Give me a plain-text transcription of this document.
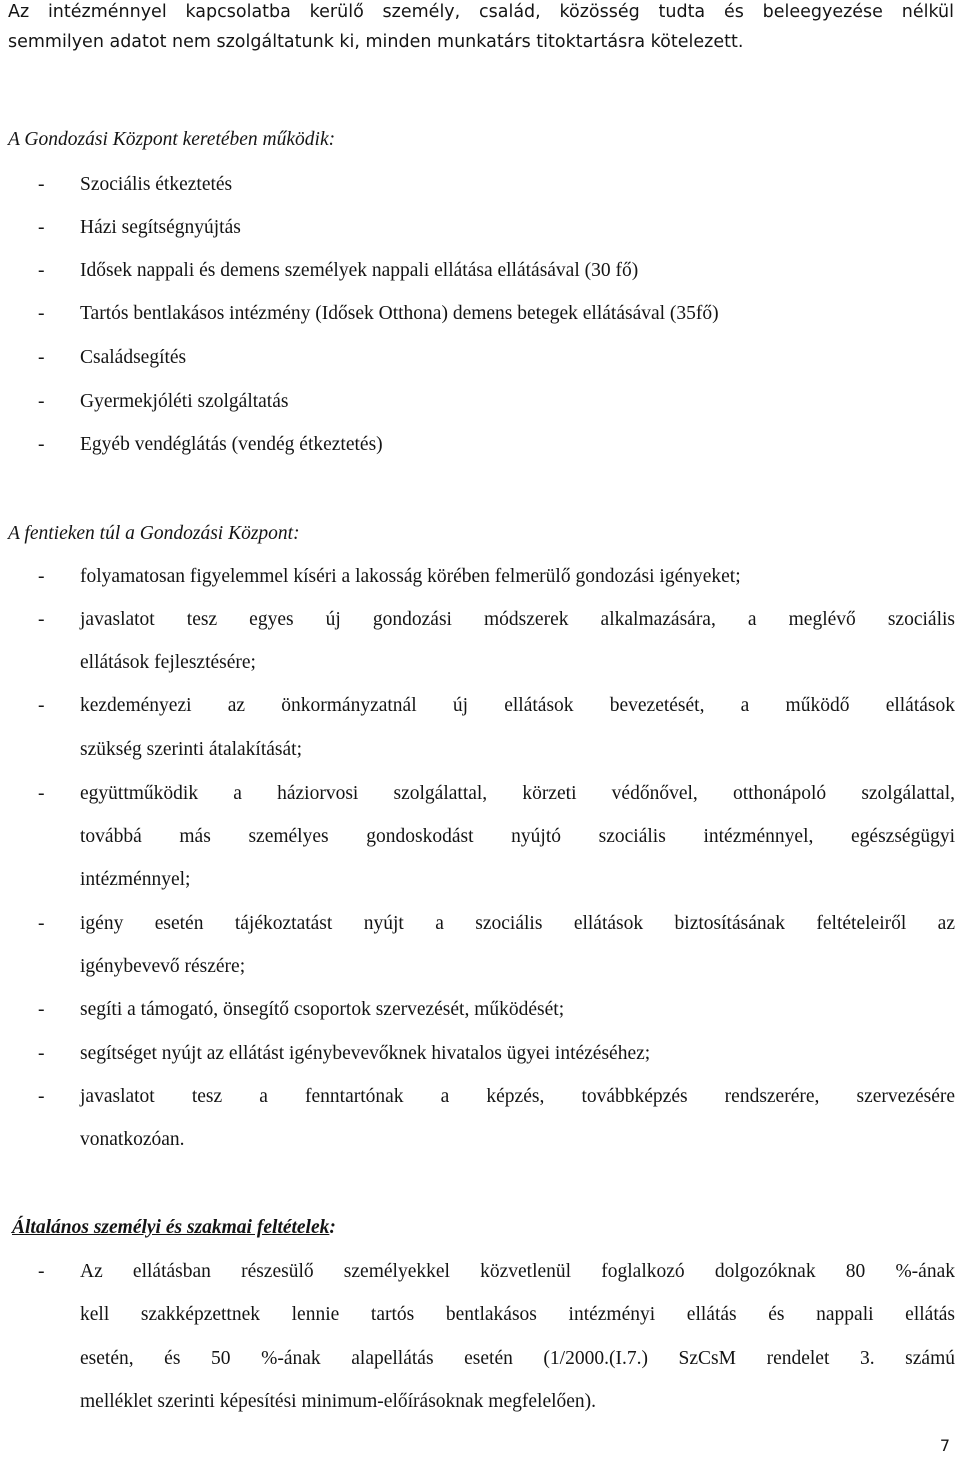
Az intézménnyel kapcsolatba kerülő személy, család, közösség tudta és beleegyezése nélkül
semmilyen adatot nem szolgáltatunk ki, minden munkatárs titoktartásra kötelezett.
A Gondozási Központ keretében működik:
- Szociális étkeztetés
- Házi segítségnyújtás
- Idősek nappali és demens személyek nappali ellátása ellátásával (30 fő)
- Tartós bentlakásos intézmény (Idősek Otthona) demens betegek ellátásával (35fő)
- Családsegítés
- Gyermekjóléti szolgáltatás
- Egyéb vendéglátás (vendég étkeztetés)
A fentieken túl a Gondozási Központ:
- folyamatosan figyelemmel kíséri a lakosság körében felmerülő gondozási igényeket;
- javaslatot tesz egyes új gondozási módszerek alkalmazására, a meglévő szociális
ellátások fejlesztésére;
- kezdeményezi az önkormányzatnál új ellátások bevezetését, a működő ellátások
szükség szerinti átalakítását;
- együttműködik a háziorvosi szolgálattal, körzeti védőnővel, otthonápoló szolgálattal,
továbbá más személyes gondoskodást nyújtó szociális intézménnyel, egészségügyi
intézménnyel;
- igény esetén tájékoztatást nyújt a szociális ellátások biztosításának feltételeiről az
igénybevevő részére;
- segíti a támogató, önsegítő csoportok szervezését, működését;
- segítséget nyújt az ellátást igénybevevőknek hivatalos ügyei intézéséhez;
- javaslatot tesz a fenntartónak a képzés, továbbképzés rendszerére, szervezésére
vonatkozóan.
Általános személyi és szakmai feltételek:
- Az ellátásban részesülő személyekkel közvetlenül foglalkozó dolgozóknak 80 %-ának
kell szakképzettnek lennie tartós bentlakásos intézményi ellátás és nappali ellátás
esetén, és 50 %-ának alapellátás esetén (1/2000.(I.7.) SzCsM rendelet 3. számú
melléklet szerinti képesítési minimum-előírásoknak megfelelően).
7
